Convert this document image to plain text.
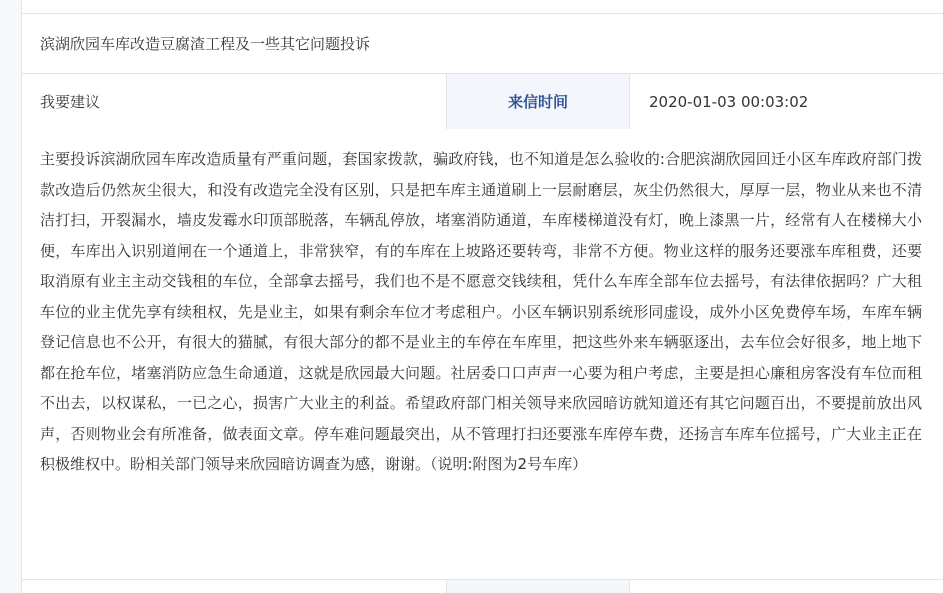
滨湖欣园车库改造豆腐渣工程及一些其它问题投诉
我要建议	来信时间	2020-01-03 00:03:02

主要投诉滨湖欣园车库改造质量有严重问题，套国家拨款，骗政府钱，也不知道是怎么验收的:合肥滨湖欣园回迁小区车库政府部门拨款改造后仍然灰尘很大，和没有改造完全没有区别，只是把车库主通道刷上一层耐磨层，灰尘仍然很大，厚厚一层，物业从来也不清洁打扫，开裂漏水，墙皮发霉水印顶部脱落，车辆乱停放，堵塞消防通道，车库楼梯道没有灯，晚上漆黑一片，经常有人在楼梯大小便，车库出入识别道闸在一个通道上，非常狭窄，有的车库在上坡路还要转弯，非常不方便。物业这样的服务还要涨车库租费，还要取消原有业主主动交钱租的车位，全部拿去摇号，我们也不是不愿意交钱续租，凭什么车库全部车位去摇号，有法律依据吗？广大租车位的业主优先享有续租权，先是业主，如果有剩余车位才考虑租户。小区车辆识别系统形同虚设，成外小区免费停车场，车库车辆登记信息也不公开，有很大的猫腻，有很大部分的都不是业主的车停在车库里，把这些外来车辆驱逐出，去车位会好很多，地上地下都在抢车位，堵塞消防应急生命通道，这就是欣园最大问题。社居委口口声声一心要为租户考虑，主要是担心廉租房客没有车位而租不出去，以权谋私，一已之心，损害广大业主的利益。希望政府部门相关领导来欣园暗访就知道还有其它问题百出，不要提前放出风声，否则物业会有所准备，做表面文章。停车难问题最突出，从不管理打扫还要涨车库停车费，还扬言车库车位摇号，广大业主正在积极维权中。盼相关部门领导来欣园暗访调查为感，谢谢。（说明:附图为2号车库）
